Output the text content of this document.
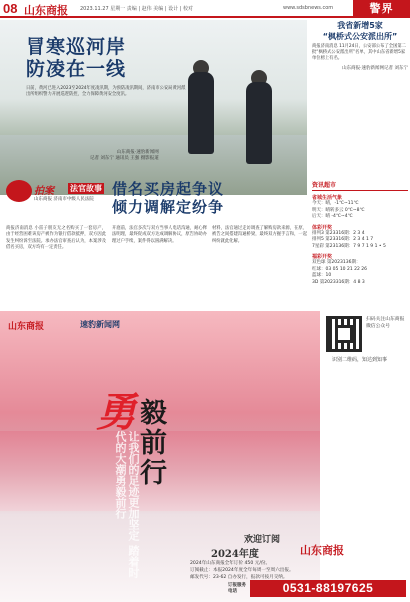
08 山东商报 2023.11.27 星期一 责编 | 赵伟 美编 | 设计 | 校对	www.sdsbnews.com	警界
冒寒巡河岸
防凌在一线
日前，黄河已进入2023至2024年度凌汛期，为预防凌汛期间，济南市公安局黄河派出所组织警力开展巡逻防控，全力保障黄河安全度汛。
山东商报·速豹新闻网
记者 刘东宁 通讯员 王强 摄影报道
我省新增5家
“枫桥式公安派出所”
商报济南消息 11月24日，公安部公布了全国第二批“枫桥式公安派出所”名单，其中山东省新增5家单位榜上有名。
山东商报·速豹新闻网记者 刘东宁
资讯超市
省城生活气象
今天：晴，-1℃~11℃
明天：晴转多云 0℃~8℃
后天：晴 -4℃~4℃
体彩开奖
排列3 第23316期：2 3 4
排列5 第23316期：2 3 4 1 7
7星彩 第23136期：7 9 7 1 9 1 • 5
福彩开奖
双色球 第2023136期：
红球：03 05 10 21 22 26
蓝球：10
3D 第2023316期：4 8 3
扫码关注山东商报微信公众号
识别二维码，知达到知事
拍案 法官故事
山东商报 济南市中级人民法院
借名买房起争议
倾力调解定纷争
商报济南消息 小雷子朋友无之名购买了一套房产，由于经营困难该房产被作为银行借款抵押，双方因此发生纠纷诉至法院。承办法官审查后认为，本案涉及借名买房，双方均有一定责任。
开庭前，法官多次与双方当事人电话沟通，耐心释法明理，最终促成双方达成调解协议，原告协助办理过户手续，案件得以圆满解决。
材料，法官通过走访调查了解购房款来源，在原、被告之间搭建沟通桥梁，最终双方握手言和，一起纠纷就此化解。
山东商报	速豹新闻网
勇 毅前行
让我们的足迹更加坚定 踏着时代的大潮勇毅前行
欢迎订阅
2024年度	山东商报
2024年山东商报全年订价 450 元/份。
订阅截止：本报2024年度全年每周一至周六出报。
邮发代号：23-62 自办发行，报款可按月交纳。
订报服务电话	0531-88197625
